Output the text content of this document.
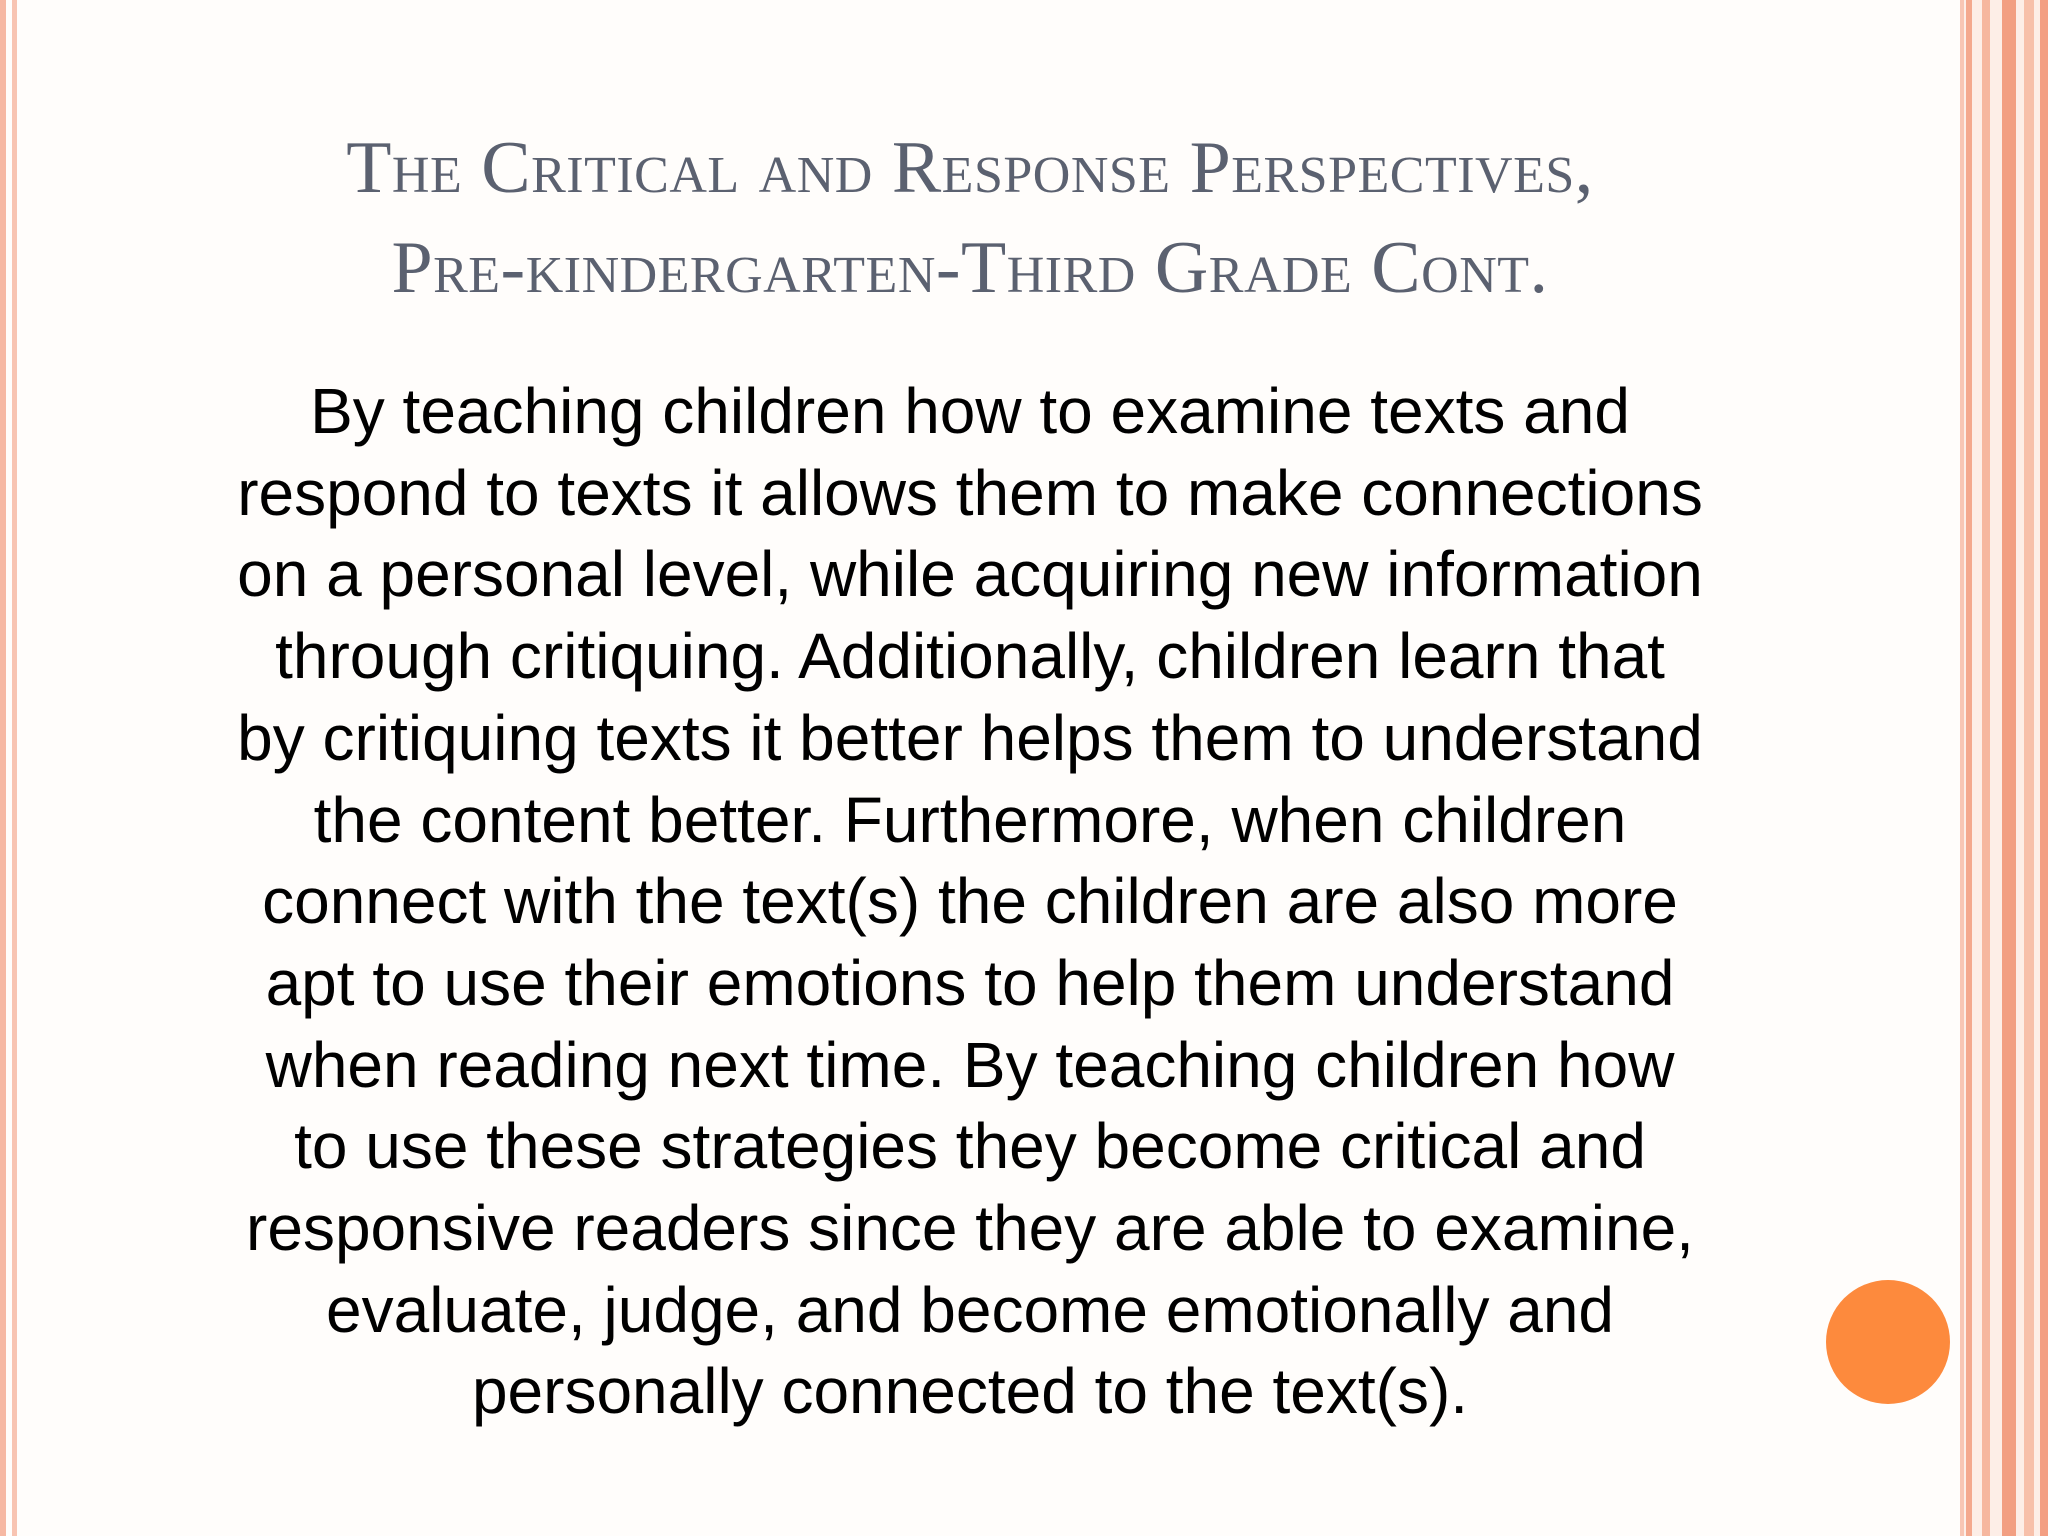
The Critical and Response Perspectives,
Pre-kindergarten-Third Grade Cont.
By teaching children how to examine texts and
respond to texts it allows them to make connections
on a personal level, while acquiring new information
through critiquing. Additionally, children learn that
by critiquing texts it better helps them to understand
the content better. Furthermore, when children
connect with the text(s) the children are also more
apt to use their emotions to help them understand
when reading next time. By teaching children how
to use these strategies they become critical and
responsive readers since they are able to examine,
evaluate, judge, and become emotionally and
personally connected to the text(s).
